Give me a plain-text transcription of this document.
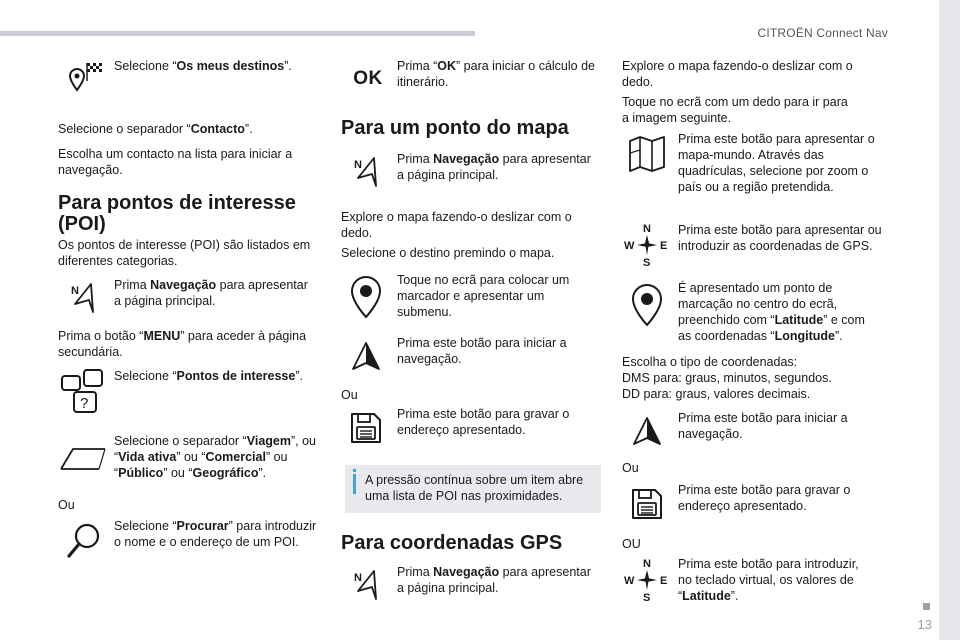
CITROËN Connect Nav
13
Selecione “Os meus destinos”.

Selecione o separador “Contacto”.

Escolha um contacto na lista para iniciar a navegação.

Para pontos de interesse (POI)

Os pontos de interesse (POI) são listados em diferentes categorias.

N	Prima Navegação para apresentar a página principal.

Prima o botão “MENU” para aceder à página secundária.

?
Selecione “Pontos de interesse”.
Selecione o separador “Viagem”, ou “Vida ativa” ou “Comercial” ou “Público” ou “Geográfico”.

Ou

Selecione “Procurar” para introduzir o nome e o endereço de um POI.
OK
Prima “OK” para iniciar o cálculo de itinerário.
Para um ponto do mapa
N	Prima Navegação para apresentar a página principal.

Explore o mapa fazendo-o deslizar com o dedo.

Selecione o destino premindo o mapa.

Toque no ecrã para colocar um marcador e apresentar um submenu.
Prima este botão para iniciar a navegação.

Ou

Prima este botão para gravar o endereço apresentado.
A pressão contínua sobre um item abre uma lista de POI nas proximidades.
Para coordenadas GPS
N	Prima Navegação para apresentar a página principal.

Explore o mapa fazendo-o deslizar com o dedo.

Toque no ecrã com um dedo para ir para a imagem seguinte.

Prima este botão para apresentar o mapa-mundo. Através das quadrículas, selecione por zoom o país ou a região pretendida.
N
S
W E
Prima este botão para apresentar ou introduzir as coordenadas de GPS.
É apresentado um ponto de marcação no centro do ecrã, preenchido com “Latitude” e com as coordenadas “Longitude”.

Escolha o tipo de coordenadas:

DMS para: graus, minutos, segundos.

DD para: graus, valores decimais.

Prima este botão para iniciar a navegação.

Ou

Prima este botão para gravar o endereço apresentado.

OU

N
S
W E
Prima este botão para introduzir, no teclado virtual, os valores de “Latitude”.
